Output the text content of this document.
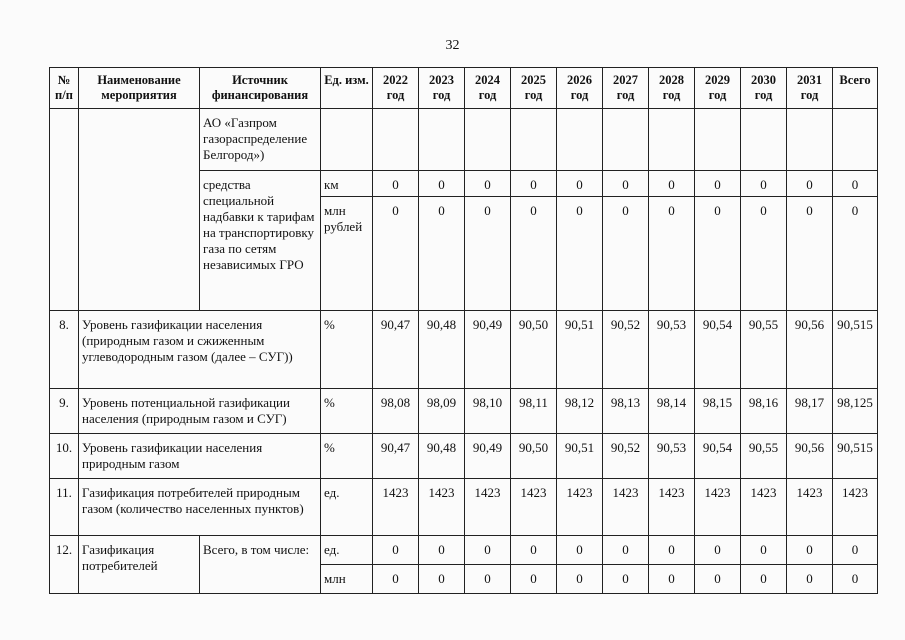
32
№ п/п	Наименование мероприятия	Источник финансирования	Ед. изм.	2022 год	2023 год	2024 год	2025 год	2026 год	2027 год	2028 год	2029 год	2030 год	2031 год	Всего
		АО «Газпром газораспределение Белгород»)												
		средства специальной надбавки к тарифам на транспортировку газа по сетям независимых ГРО	км	0	0	0	0	0	0	0	0	0	0	0
			млн рублей	0	0	0	0	0	0	0	0	0	0	0
8.	Уровень газификации населения (природным газом и сжиженным углеводородным газом (далее – СУГ))		%	90,47	90,48	90,49	90,50	90,51	90,52	90,53	90,54	90,55	90,56	90,515
9.	Уровень потенциальной газификации населения (природным газом и СУГ)		%	98,08	98,09	98,10	98,11	98,12	98,13	98,14	98,15	98,16	98,17	98,125
10.	Уровень газификации населения природным газом		%	90,47	90,48	90,49	90,50	90,51	90,52	90,53	90,54	90,55	90,56	90,515
11.	Газификация потребителей природным газом (количество населенных пунктов)		ед.	1423	1423	1423	1423	1423	1423	1423	1423	1423	1423	1423
12.	Газификация потребителей	Всего, в том числе:	ед.	0	0	0	0	0	0	0	0	0	0	0
			млн	0	0	0	0	0	0	0	0	0	0	0
